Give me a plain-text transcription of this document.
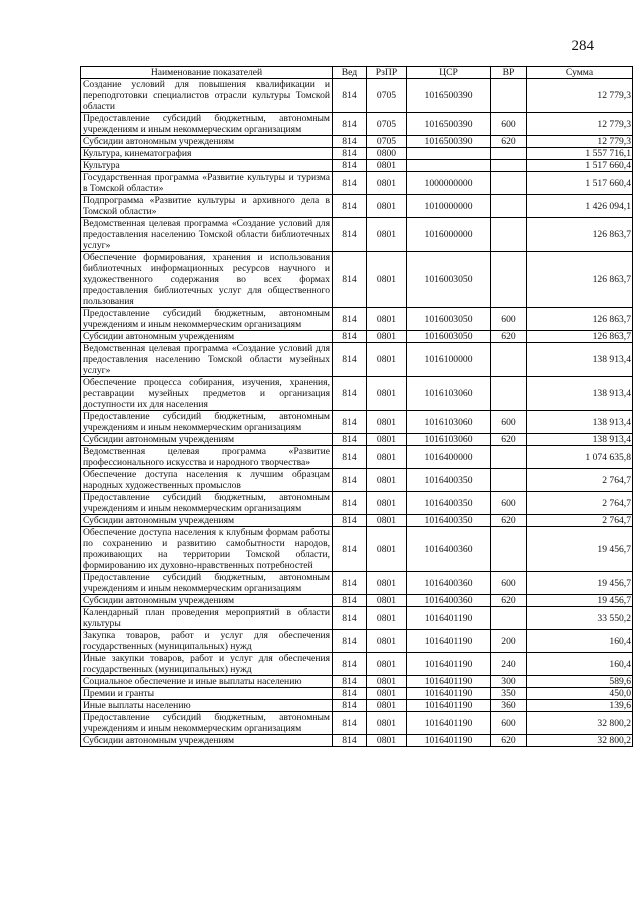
284
Наименование показателей	Вед	РзПР	ЦСР	ВР	Сумма
Создание условий для повышения квалификации и переподготовки специалистов отрасли культуры Томской области	814	0705	1016500390		12 779,3
Предоставление субсидий бюджетным, автономным учреждениям и иным некоммерческим организациям	814	0705	1016500390	600	12 779,3
Субсидии автономным учреждениям	814	0705	1016500390	620	12 779,3
Культура, кинематография	814	0800			1 557 716,1
Культура	814	0801			1 517 660,4
Государственная программа «Развитие культуры и туризма в Томской области»	814	0801	1000000000		1 517 660,4
Подпрограмма «Развитие культуры и архивного дела в Томской области»	814	0801	1010000000		1 426 094,1
Ведомственная целевая программа «Создание условий для предоставления населению Томской области библиотечных услуг»	814	0801	1016000000		126 863,7
Обеспечение формирования, хранения и использования библиотечных информационных ресурсов научного и художественного содержания во всех формах предоставления библиотечных услуг для общественного пользования	814	0801	1016003050		126 863,7
Предоставление субсидий бюджетным, автономным учреждениям и иным некоммерческим организациям	814	0801	1016003050	600	126 863,7
Субсидии автономным учреждениям	814	0801	1016003050	620	126 863,7
Ведомственная целевая программа «Создание условий для предоставления населению Томской области музейных услуг»	814	0801	1016100000		138 913,4
Обеспечение процесса собирания, изучения, хранения, реставрации музейных предметов и организация доступности их для населения	814	0801	1016103060		138 913,4
Предоставление субсидий бюджетным, автономным учреждениям и иным некоммерческим организациям	814	0801	1016103060	600	138 913,4
Субсидии автономным учреждениям	814	0801	1016103060	620	138 913,4
Ведомственная целевая программа «Развитие профессионального искусства и народного творчества»	814	0801	1016400000		1 074 635,8
Обеспечение доступа населения к лучшим образцам народных художественных промыслов	814	0801	1016400350		2 764,7
Предоставление субсидий бюджетным, автономным учреждениям и иным некоммерческим организациям	814	0801	1016400350	600	2 764,7
Субсидии автономным учреждениям	814	0801	1016400350	620	2 764,7
Обеспечение доступа населения к клубным формам работы по сохранению и развитию самобытности народов, проживающих на территории Томской области, формированию их духовно-нравственных потребностей	814	0801	1016400360		19 456,7
Предоставление субсидий бюджетным, автономным учреждениям и иным некоммерческим организациям	814	0801	1016400360	600	19 456,7
Субсидии автономным учреждениям	814	0801	1016400360	620	19 456,7
Календарный план проведения мероприятий в области культуры	814	0801	1016401190		33 550,2
Закупка товаров, работ и услуг для обеспечения государственных (муниципальных) нужд	814	0801	1016401190	200	160,4
Иные закупки товаров, работ и услуг для обеспечения государственных (муниципальных) нужд	814	0801	1016401190	240	160,4
Социальное обеспечение и иные выплаты населению	814	0801	1016401190	300	589,6
Премии и гранты	814	0801	1016401190	350	450,0
Иные выплаты населению	814	0801	1016401190	360	139,6
Предоставление субсидий бюджетным, автономным учреждениям и иным некоммерческим организациям	814	0801	1016401190	600	32 800,2
Субсидии автономным учреждениям	814	0801	1016401190	620	32 800,2
